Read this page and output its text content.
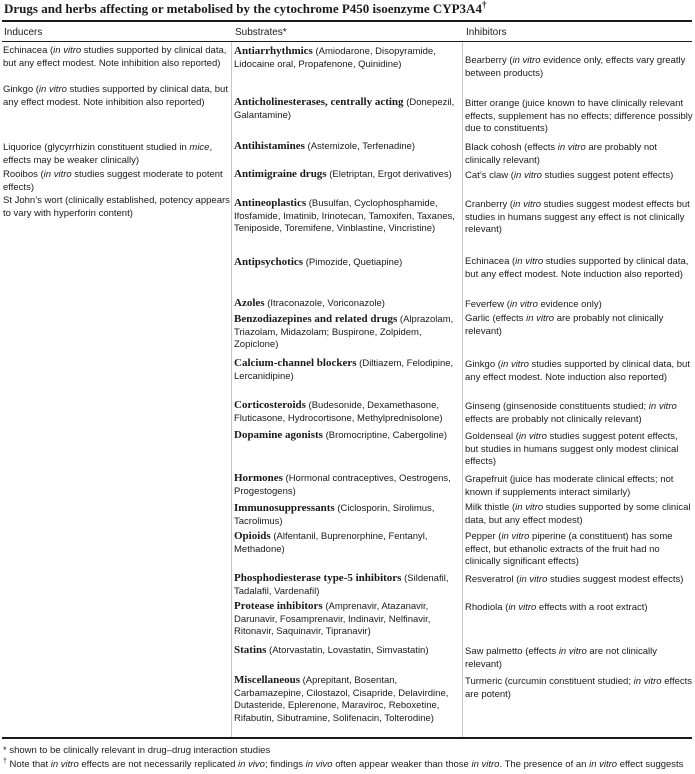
Drugs and herbs affecting or metabolised by the cytochrome P450 isoenzyme CYP3A4†
Inducers	Substrates*	Inhibitors
Echinacea (in vitro studies supported by clinical data, but any effect modest. Note inhibition also reported)
Ginkgo (in vitro studies supported by clinical data, but any effect modest. Note inhibition also reported)
Liquorice (glycyrrhizin constituent studied in mice, effects may be weaker clinically)
Rooibos (in vitro studies suggest moderate to potent effects)
St John’s wort (clinically established, potency appears to vary with hyperforin content)
Antiarrhythmics (Amiodarone, Disopyramide, Lidocaine oral, Propafenone, Quinidine)
Anticholinesterases, centrally acting (Donepezil, Galantamine)
Antihistamines (Astemizole, Terfenadine)
Antimigraine drugs (Eletriptan, Ergot derivatives)
Antineoplastics (Busulfan, Cyclophosphamide, Ifosfamide, Imatinib, Irinotecan, Tamoxifen, Taxanes, Teniposide, Toremifene, Vinblastine, Vincristine)
Antipsychotics (Pimozide, Quetiapine)
Azoles (Itraconazole, Voriconazole)
Benzodiazepines and related drugs (Alprazolam, Triazolam, Midazolam; Buspirone, Zolpidem, Zopiclone)
Calcium-channel blockers (Diltiazem, Felodipine, Lercanidipine)
Corticosteroids (Budesonide, Dexamethasone, Fluticasone, Hydrocortisone, Methylprednisolone)
Dopamine agonists (Bromocriptine, Cabergoline)
Hormones (Hormonal contraceptives, Oestrogens, Progestogens)
Immunosuppressants (Ciclosporin, Sirolimus, Tacrolimus)
Opioids (Alfentanil, Buprenorphine, Fentanyl, Methadone)
Phosphodiesterase type-5 inhibitors (Sildenafil, Tadalafil, Vardenafil)
Protease inhibitors (Amprenavir, Atazanavir, Darunavir, Fosamprenavir, Indinavir, Nelfinavir, Ritonavir, Saquinavir, Tipranavir)
Statins (Atorvastatin, Lovastatin, Simvastatin)
Miscellaneous (Aprepitant, Bosentan, Carbamazepine, Cilostazol, Cisapride, Delavirdine, Dutasteride, Eplerenone, Maraviroc, Reboxetine, Rifabutin, Sibutramine, Solifenacin, Tolterodine)
Bearberry (in vitro evidence only, effects vary greatly between products)
Bitter orange (juice known to have clinically relevant effects, supplement has no effects; difference possibly due to constituents)
Black cohosh (effects in vitro are probably not clinically relevant)
Cat’s claw (in vitro studies suggest potent effects)
Cranberry (in vitro studies suggest modest effects but studies in humans suggest any effect is not clinically relevant)
Echinacea (in vitro studies supported by clinical data, but any effect modest. Note induction also reported)
Feverfew (in vitro evidence only)
Garlic (effects in vitro are probably not clinically relevant)
Ginkgo (in vitro studies supported by clinical data, but any effect modest. Note induction also reported)
Ginseng (ginsenoside constituents studied; in vitro effects are probably not clinically relevant)
Goldenseal (in vitro studies suggest potent effects, but studies in humans suggest only modest clinical effects)
Grapefruit (juice has moderate clinical effects; not known if supplements interact similarly)
Milk thistle (in vitro studies supported by some clinical data, but any effect modest)
Pepper (in vitro piperine (a constituent) has some effect, but ethanolic extracts of the fruit had no clinically significant effects)
Resveratrol (in vitro studies suggest modest effects)
Rhodiola (in vitro effects with a root extract)
Saw palmetto (effects in vitro are not clinically relevant)
Turmeric (curcumin constituent studied; in vitro effects are potent)
* shown to be clinically relevant in drug–drug interaction studies
† Note that in vitro effects are not necessarily replicated in vivo; findings in vivo often appear weaker than those in vitro. The presence of an in vitro effect suggests
